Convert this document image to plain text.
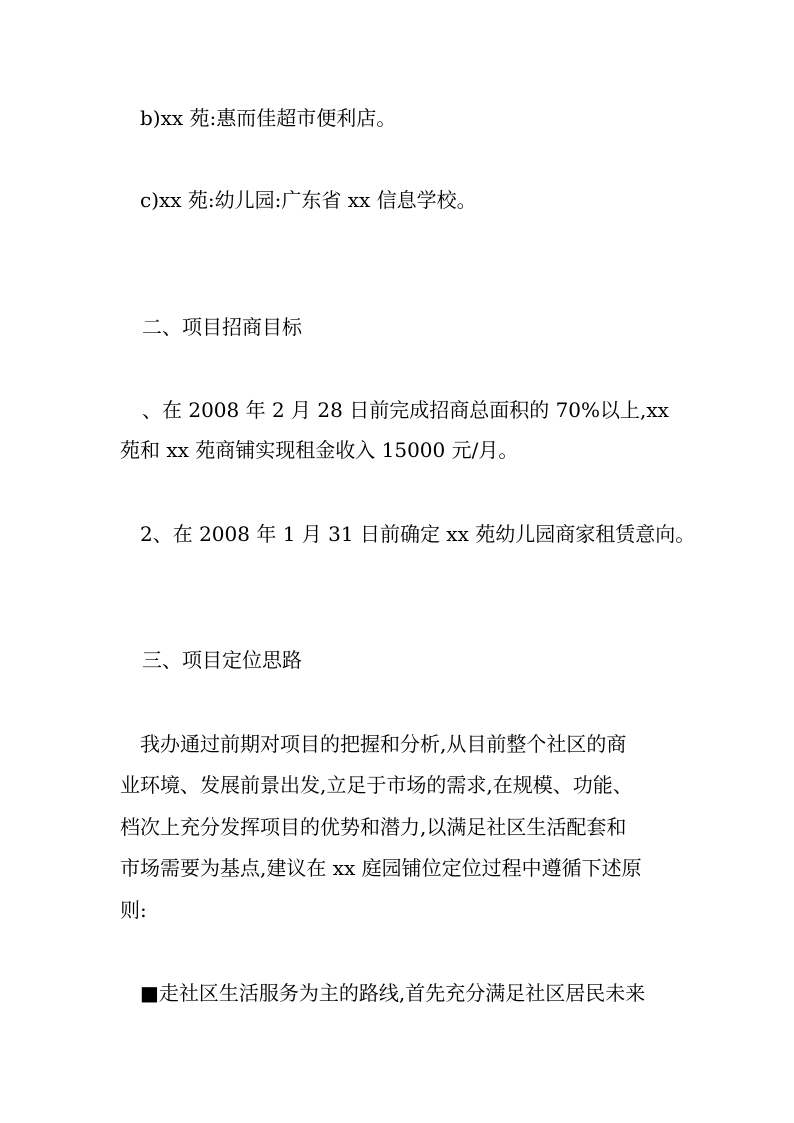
b)xx 苑:惠而佳超市便利店。
c)xx 苑:幼儿园:广东省 xx 信息学校。
二、项目招商目标
、在 2008 年 2 月 28 日前完成招商总面积的 70%以上,xx
苑和 xx 苑商铺实现租金收入 15000 元/月。
2、在 2008 年 1 月 31 日前确定 xx 苑幼儿园商家租赁意向。
三、项目定位思路
我办通过前期对项目的把握和分析,从目前整个社区的商
业环境、发展前景出发,立足于市场的需求,在规模、功能、
档次上充分发挥项目的优势和潜力,以满足社区生活配套和
市场需要为基点,建议在 xx 庭园铺位定位过程中遵循下述原
则:
■走社区生活服务为主的路线,首先充分满足社区居民未来
